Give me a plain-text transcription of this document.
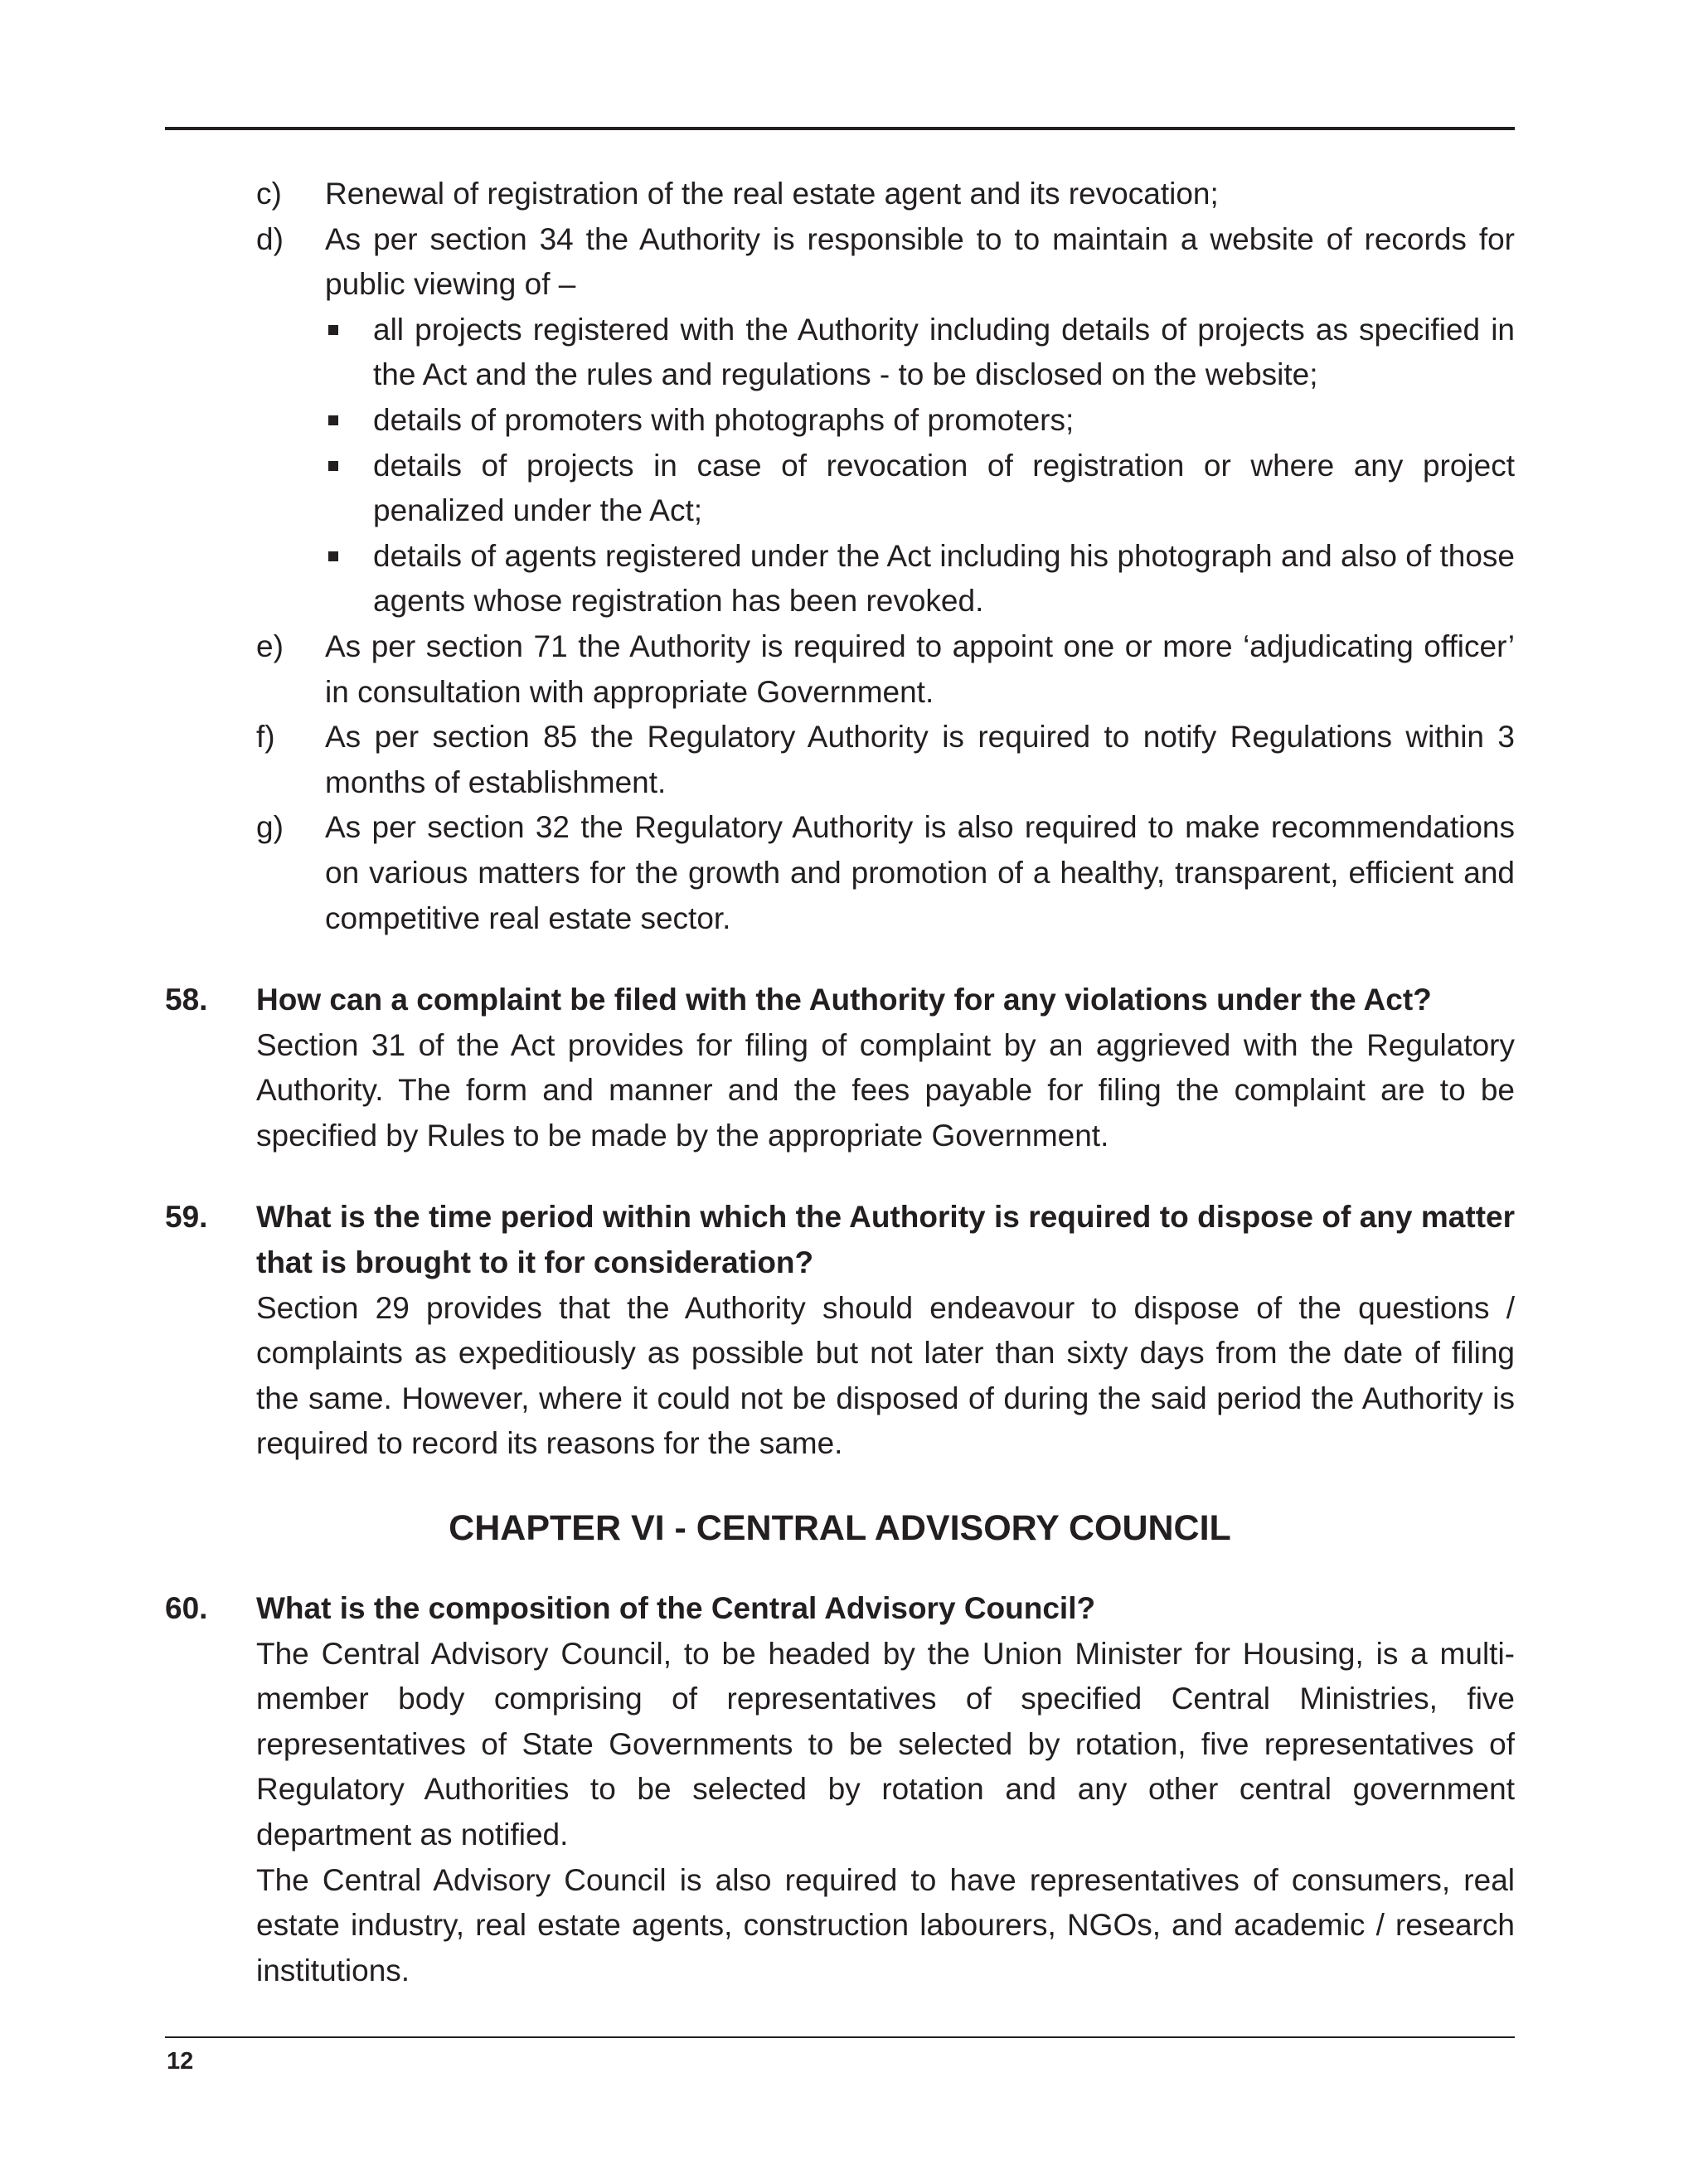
c) Renewal of registration of the real estate agent and its revocation;

d) As per section 34 the Authority is responsible to to maintain a website of records for public viewing of –

all projects registered with the Authority including details of projects as specified in the Act and the rules and regulations - to be disclosed on the website;

details of promoters with photographs of promoters;

details of projects in case of revocation of registration or where any project penalized under the Act;

details of agents registered under the Act including his photograph and also of those agents whose registration has been revoked.

e) As per section 71 the Authority is required to appoint one or more ‘adjudicating officer’ in consultation with appropriate Government.

f) As per section 85 the Regulatory Authority is required to notify Regulations within 3 months of establishment.

g) As per section 32 the Regulatory Authority is also required to make recommendations on various matters for the growth and promotion of a healthy, transparent, efficient and competitive real estate sector.

58. How can a complaint be filed with the Authority for any violations under the Act?

Section 31 of the Act provides for filing of complaint by an aggrieved with the Regulatory Authority. The form and manner and the fees payable for filing the complaint are to be specified by Rules to be made by the appropriate Government.

59. What is the time period within which the Authority is required to dispose of any matter that is brought to it for consideration?

Section 29 provides that the Authority should endeavour to dispose of the questions / complaints as expeditiously as possible but not later than sixty days from the date of filing the same. However, where it could not be disposed of during the said period the Authority is required to record its reasons for the same.

CHAPTER VI - CENTRAL ADVISORY COUNCIL
60. What is the composition of the Central Advisory Council?

The Central Advisory Council, to be headed by the Union Minister for Housing, is a multi-member body comprising of representatives of specified Central Ministries, five representatives of State Governments to be selected by rotation, five representatives of Regulatory Authorities to be selected by rotation and any other central government department as notified.

The Central Advisory Council is also required to have representatives of consumers, real estate industry, real estate agents, construction labourers, NGOs, and academic / research institutions.

12
